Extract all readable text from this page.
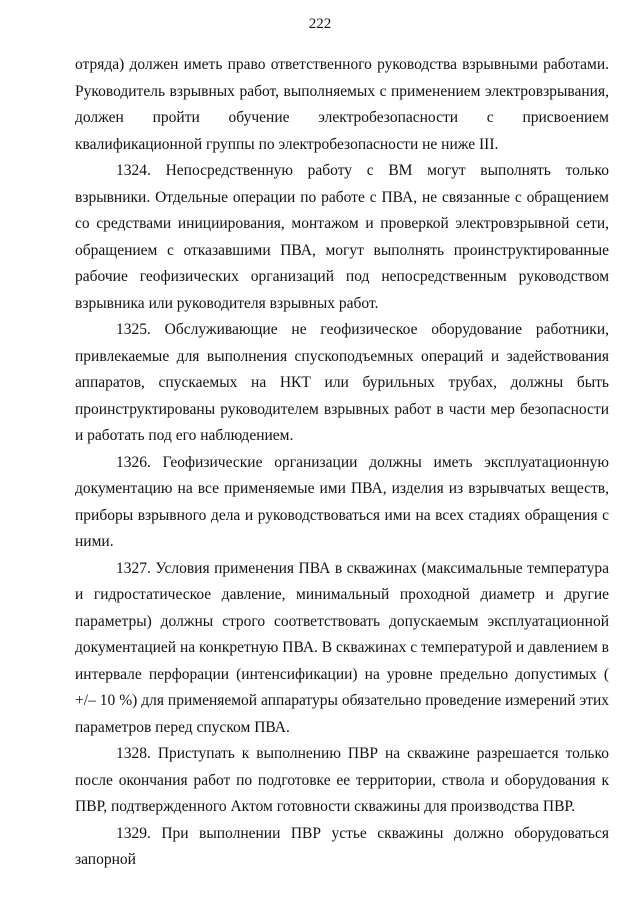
222

отряда) должен иметь право ответственного руководства взрывными работами. Руководитель взрывных работ, выполняемых с применением электровзрывания, должен пройти обучение электробезопасности с присвоением квалификационной группы по электробезопасности не ниже III.

1324. Непосредственную работу с ВМ могут выполнять только взрывники. Отдельные операции по работе с ПВА, не связанные с обращением со средствами инициирования, монтажом и проверкой электровзрывной сети, обращением с отказавшими ПВА, могут выполнять проинструктированные рабочие геофизических организаций под непосредственным руководством взрывника или руководителя взрывных работ.

1325. Обслуживающие не геофизическое оборудование работники, привлекаемые для выполнения спускоподъемных операций и задействования аппаратов, спускаемых на НКТ или бурильных трубах, должны быть проинструктированы руководителем взрывных работ в части мер безопасности и работать под его наблюдением.

1326. Геофизические организации должны иметь эксплуатационную документацию на все применяемые ими ПВА, изделия из взрывчатых веществ, приборы взрывного дела и руководствоваться ими на всех стадиях обращения с ними.

1327. Условия применения ПВА в скважинах (максимальные температура и гидростатическое давление, минимальный проходной диаметр и другие параметры) должны строго соответствовать допускаемым эксплуатационной документацией на конкретную ПВА. В скважинах с температурой и давлением в интервале перфорации (интенсификации) на уровне предельно допустимых ( +/– 10 %) для применяемой аппаратуры обязательно проведение измерений этих параметров перед спуском ПВА.

1328. Приступать к выполнению ПВР на скважине разрешается только после окончания работ по подготовке ее территории, ствола и оборудования к ПВР, подтвержденного Актом готовности скважины для производства ПВР.

1329. При выполнении ПВР устье скважины должно оборудоваться запорной
